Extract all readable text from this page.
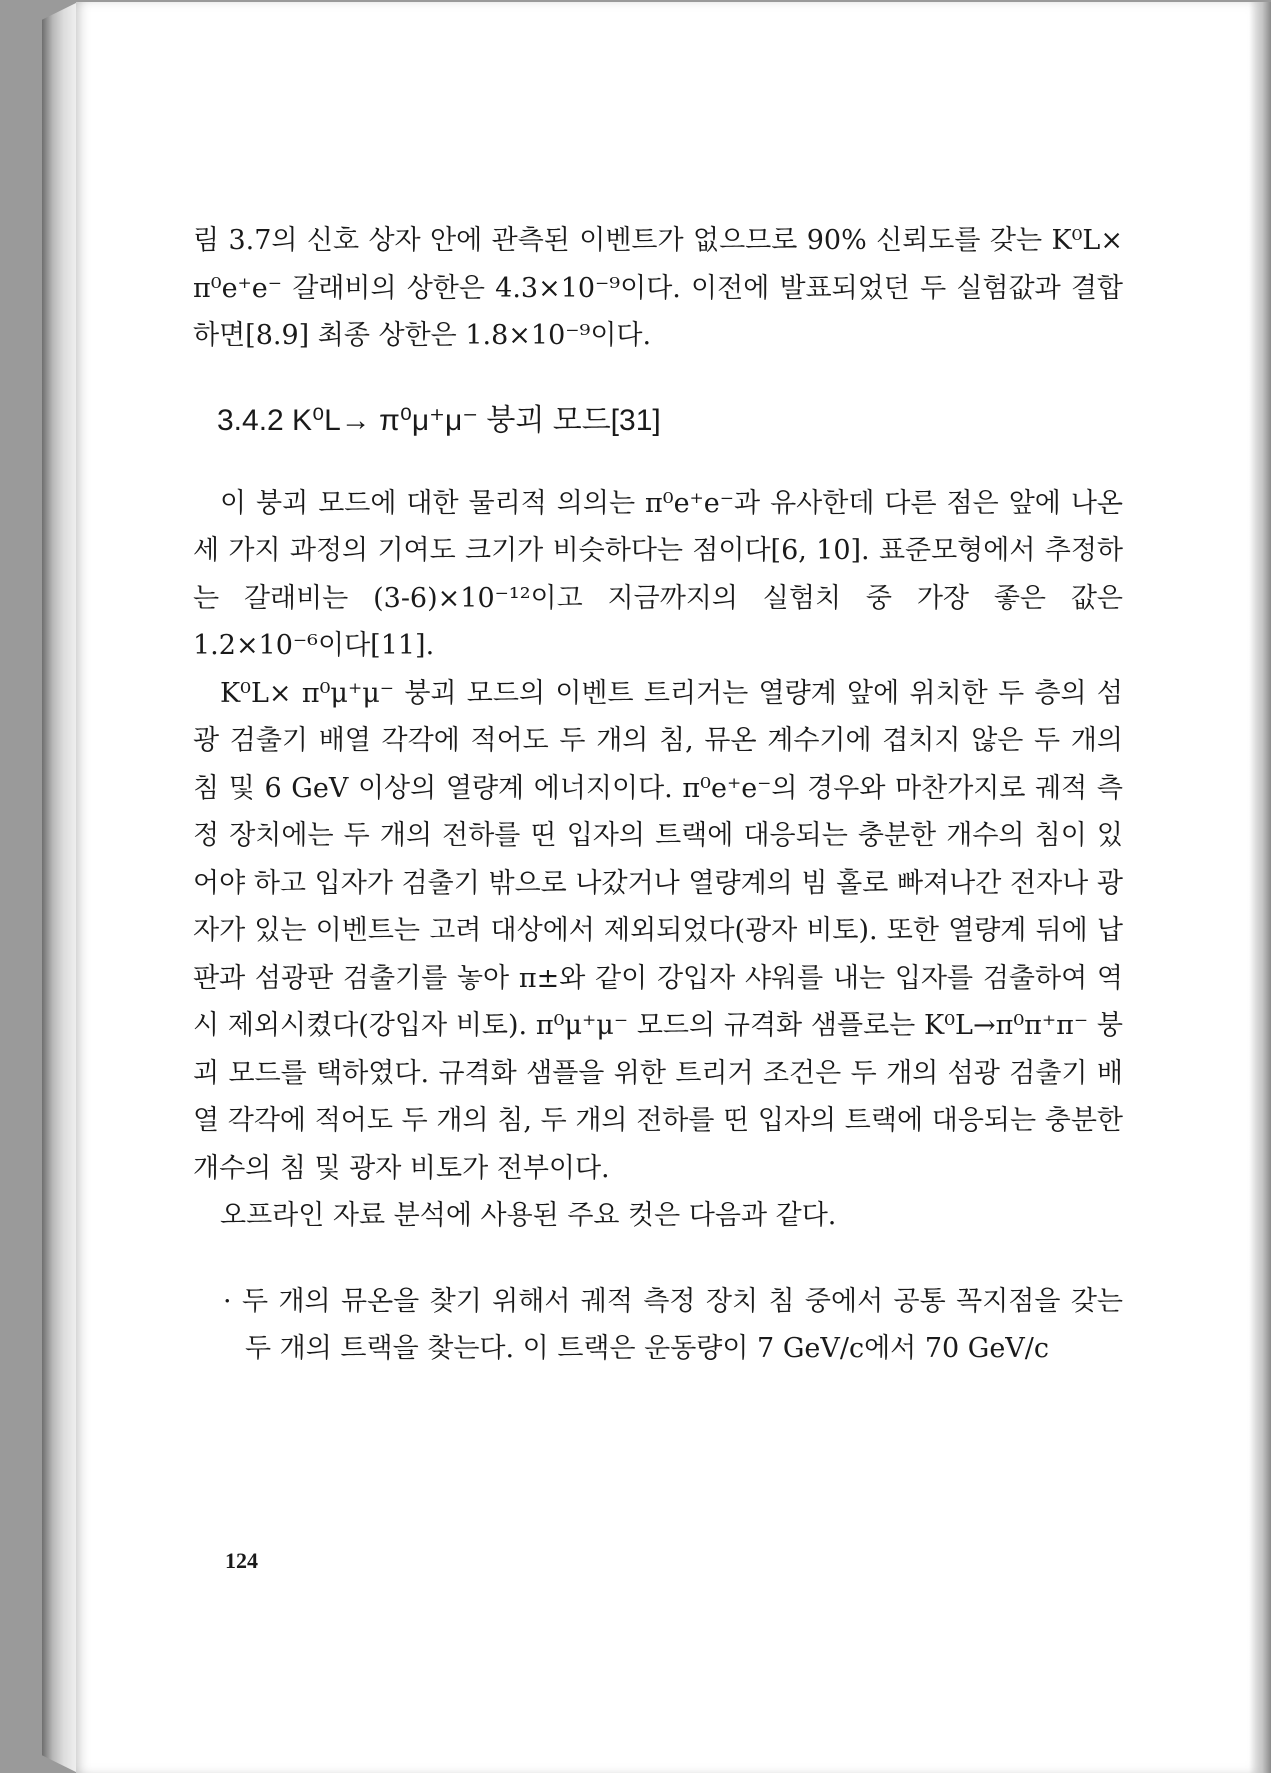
림 3.7의 신호 상자 안에 관측된 이벤트가 없으므로 90% 신뢰도를 갖는 K⁰L× π⁰e⁺e⁻ 갈래비의 상한은 4.3×10⁻⁹이다. 이전에 발표되었던 두 실험값과 결합하면[8.9] 최종 상한은 1.8×10⁻⁹이다.

3.4.2 K⁰L→ π⁰μ⁺μ⁻ 붕괴 모드[31]

이 붕괴 모드에 대한 물리적 의의는 π⁰e⁺e⁻과 유사한데 다른 점은 앞에 나온 세 가지 과정의 기여도 크기가 비슷하다는 점이다[6, 10]. 표준모형에서 추정하는 갈래비는 (3-6)×10⁻¹²이고 지금까지의 실험치 중 가장 좋은 값은 1.2×10⁻⁶이다[11].

K⁰L× π⁰μ⁺μ⁻ 붕괴 모드의 이벤트 트리거는 열량계 앞에 위치한 두 층의 섬광 검출기 배열 각각에 적어도 두 개의 침, 뮤온 계수기에 겹치지 않은 두 개의 침 및 6 GeV 이상의 열량계 에너지이다. π⁰e⁺e⁻의 경우와 마찬가지로 궤적 측정 장치에는 두 개의 전하를 띤 입자의 트랙에 대응되는 충분한 개수의 침이 있어야 하고 입자가 검출기 밖으로 나갔거나 열량계의 빔 홀로 빠져나간 전자나 광자가 있는 이벤트는 고려 대상에서 제외되었다(광자 비토). 또한 열량계 뒤에 납판과 섬광판 검출기를 놓아 π±와 같이 강입자 샤워를 내는 입자를 검출하여 역시 제외시켰다(강입자 비토). π⁰μ⁺μ⁻ 모드의 규격화 샘플로는 K⁰L→π⁰π⁺π⁻ 붕괴 모드를 택하였다. 규격화 샘플을 위한 트리거 조건은 두 개의 섬광 검출기 배열 각각에 적어도 두 개의 침, 두 개의 전하를 띤 입자의 트랙에 대응되는 충분한 개수의 침 및 광자 비토가 전부이다.

오프라인 자료 분석에 사용된 주요 컷은 다음과 같다.

· 두 개의 뮤온을 찾기 위해서 궤적 측정 장치 침 중에서 공통 꼭지점을 갖는 두 개의 트랙을 찾는다. 이 트랙은 운동량이 7 GeV/c에서 70 GeV/c

124
